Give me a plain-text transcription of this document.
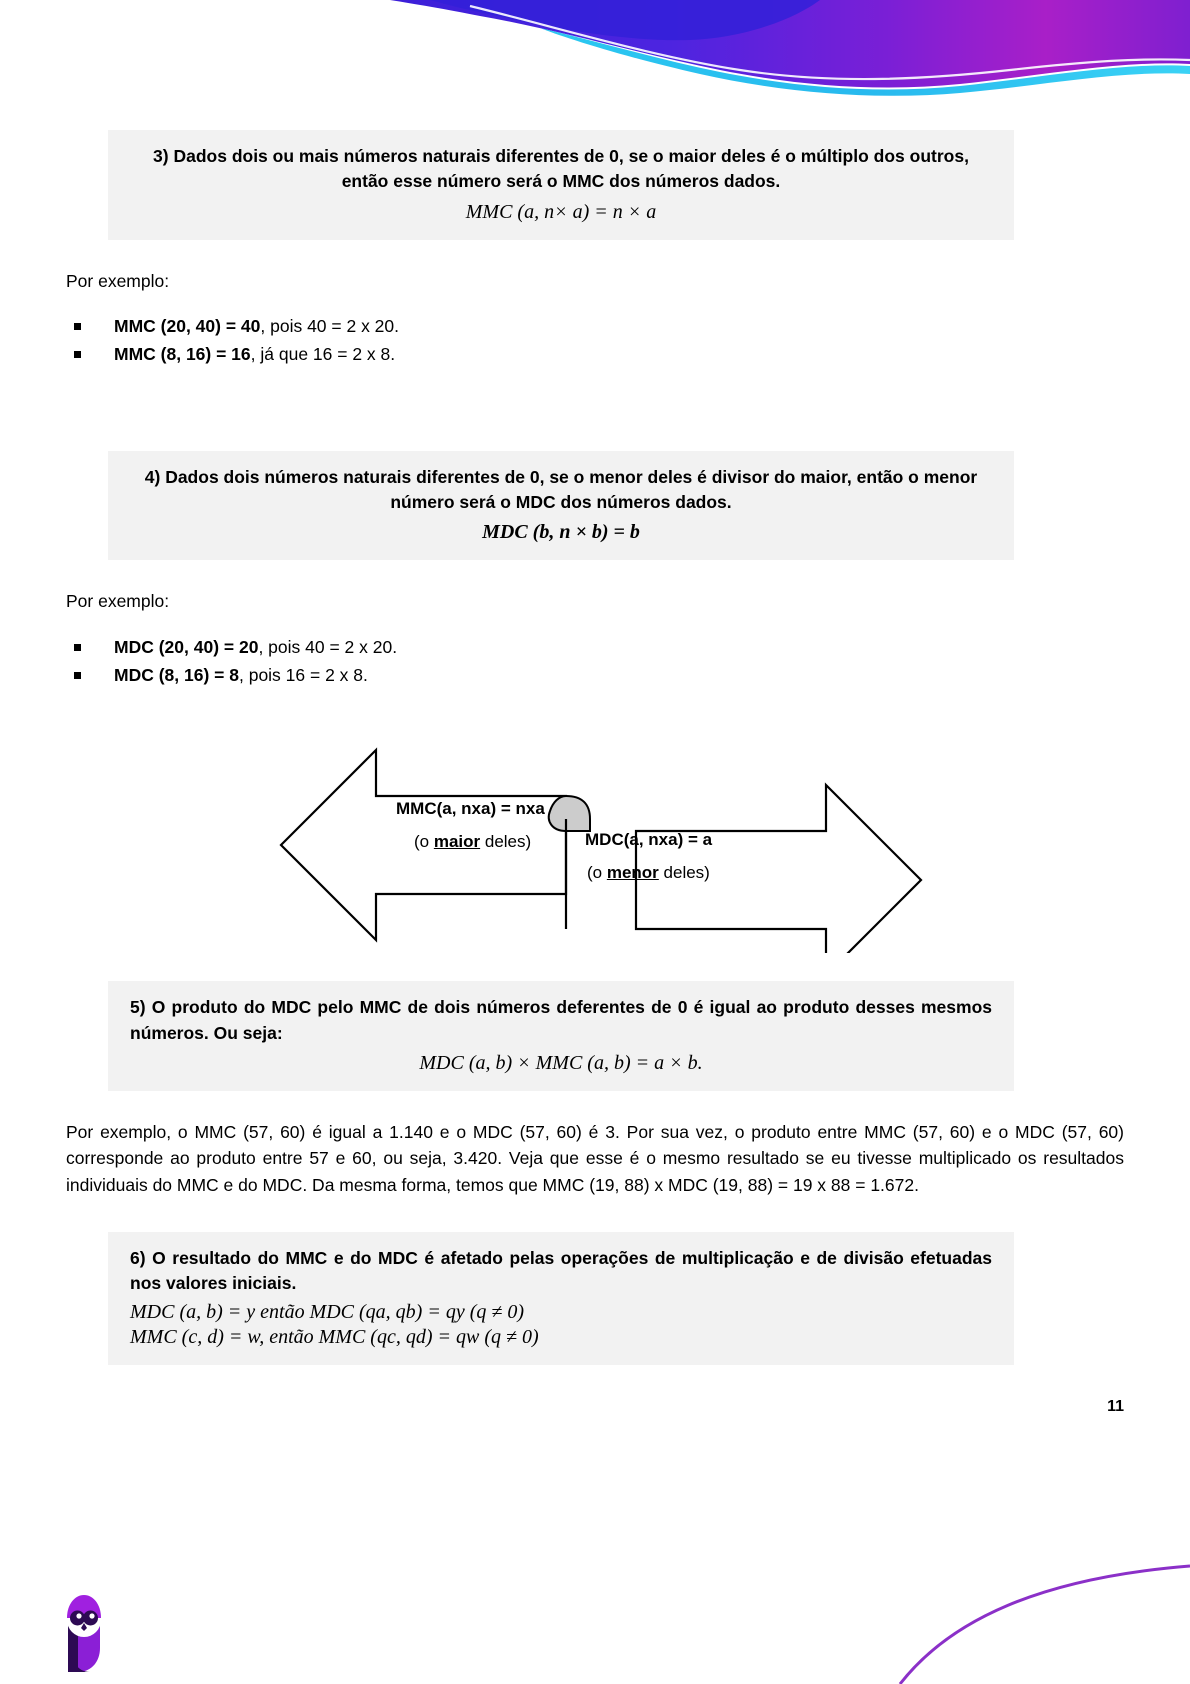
3) Dados dois ou mais números naturais diferentes de 0, se o maior deles é o múltiplo dos outros, então esse número será o MMC dos números dados.
MMC (a, n× a) = n × a
Por exemplo:
MMC (20, 40) = 40, pois 40 = 2 x 20.
MMC (8, 16) = 16, já que 16 = 2 x 8.
4) Dados dois números naturais diferentes de 0, se o menor deles é divisor do maior, então o menor número será o MDC dos números dados.
MDC (b, n × b) = b
Por exemplo:
MDC (20, 40) = 20, pois 40 = 2 x 20.
MDC (8, 16) = 8, pois 16 = 2 x 8.
MMC(a, nxa) = nxa
(o maior deles)	MDC(a, nxa) = a
(o menor deles)
5) O produto do MDC pelo MMC de dois números deferentes de 0 é igual ao produto desses mesmos números. Ou seja:
MDC (a, b) × MMC (a, b) = a × b.
Por exemplo, o MMC (57, 60) é igual a 1.140 e o MDC (57, 60) é 3. Por sua vez, o produto entre MMC (57, 60) e o MDC (57, 60) corresponde ao produto entre 57 e 60, ou seja, 3.420. Veja que esse é o mesmo resultado se eu tivesse multiplicado os resultados individuais do MMC e do MDC. Da mesma forma, temos que MMC (19, 88) x MDC (19, 88) = 19 x 88 = 1.672.
6) O resultado do MMC e do MDC é afetado pelas operações de multiplicação e de divisão efetuadas nos valores iniciais.
MDC (a, b) = y então MDC (qa, qb) = qy (q ≠ 0)
MMC (c, d) = w, então MMC (qc, qd) = qw (q ≠ 0)
11
